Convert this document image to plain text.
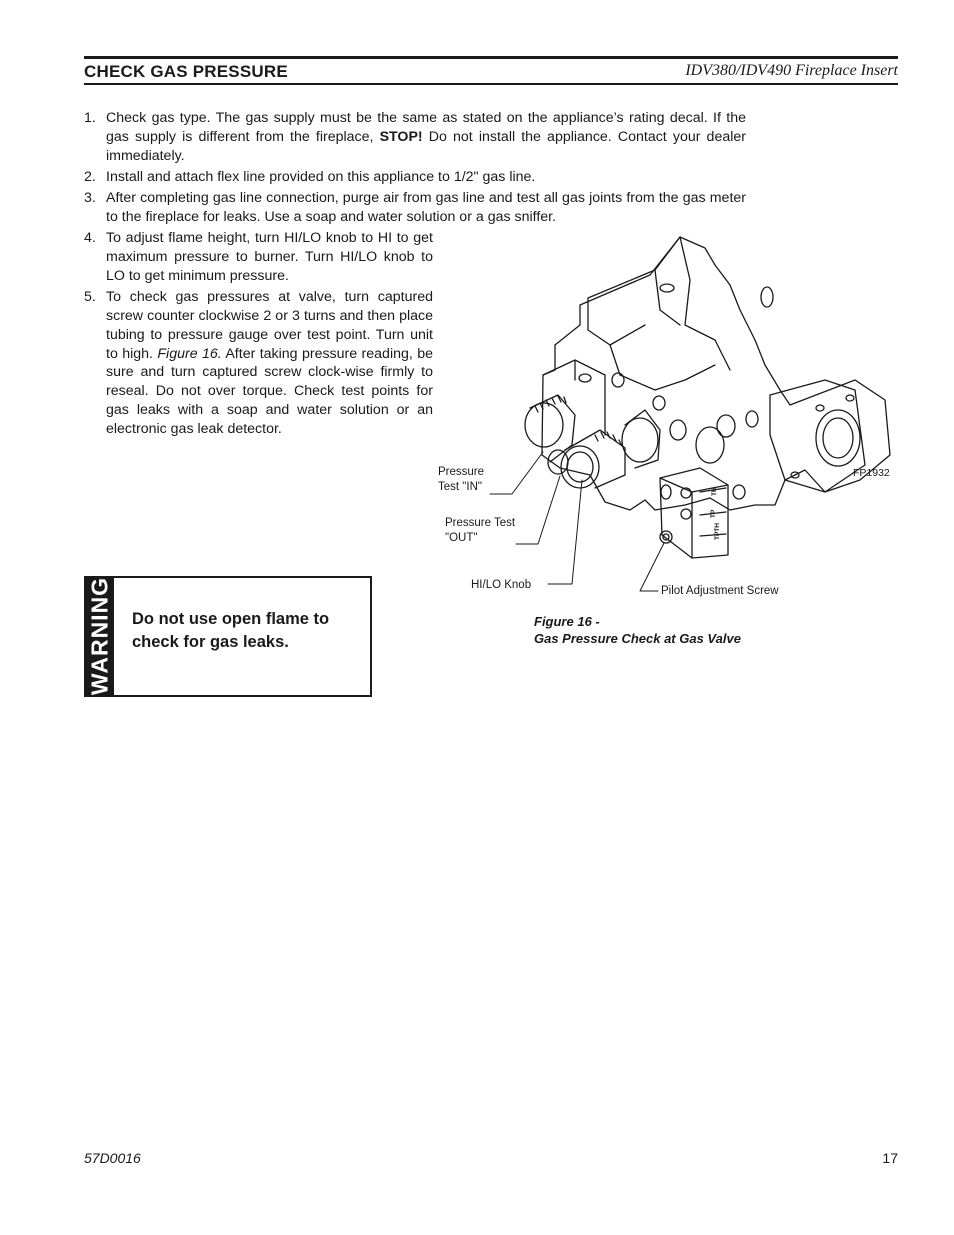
CHECK GAS PRESSURE	IDV380/IDV490 Fireplace Insert
1. Check gas type. The gas supply must be the same as stated on the appliance’s rating decal. If the gas supply is different from the fireplace, STOP! Do not install the appliance. Contact your dealer immediately.
2. Install and attach flex line provided on this appliance to 1/2" gas line.
3. After completing gas line connection, purge air from gas line and test all gas joints from the gas meter to the fireplace for leaks. Use a soap and water solution or a gas sniffer.
4. To adjust flame height, turn HI/LO knob to HI to get maximum pressure to burner. Turn HI/LO knob to LO to get minimum pressure.
5. To check gas pressures at valve, turn captured screw counter clockwise 2 or 3 turns and then place tubing to pressure gauge over test point. Turn unit to high. Figure 16. After taking pressure reading, be sure and turn captured screw clock-wise firmly to reseal. Do not over torque. Check test points for gas leaks with a soap and water solution or an electronic gas leak detector.
WARNING Do not use open flame to check for gas leaks.
TH
TP
TPTH
Pressure
Test "IN"
Pressure Test
"OUT"
HI/LO Knob	Pilot Adjustment Screw
FP1932
Figure 16 -
Gas Pressure Check at Gas Valve
57D0016	17
